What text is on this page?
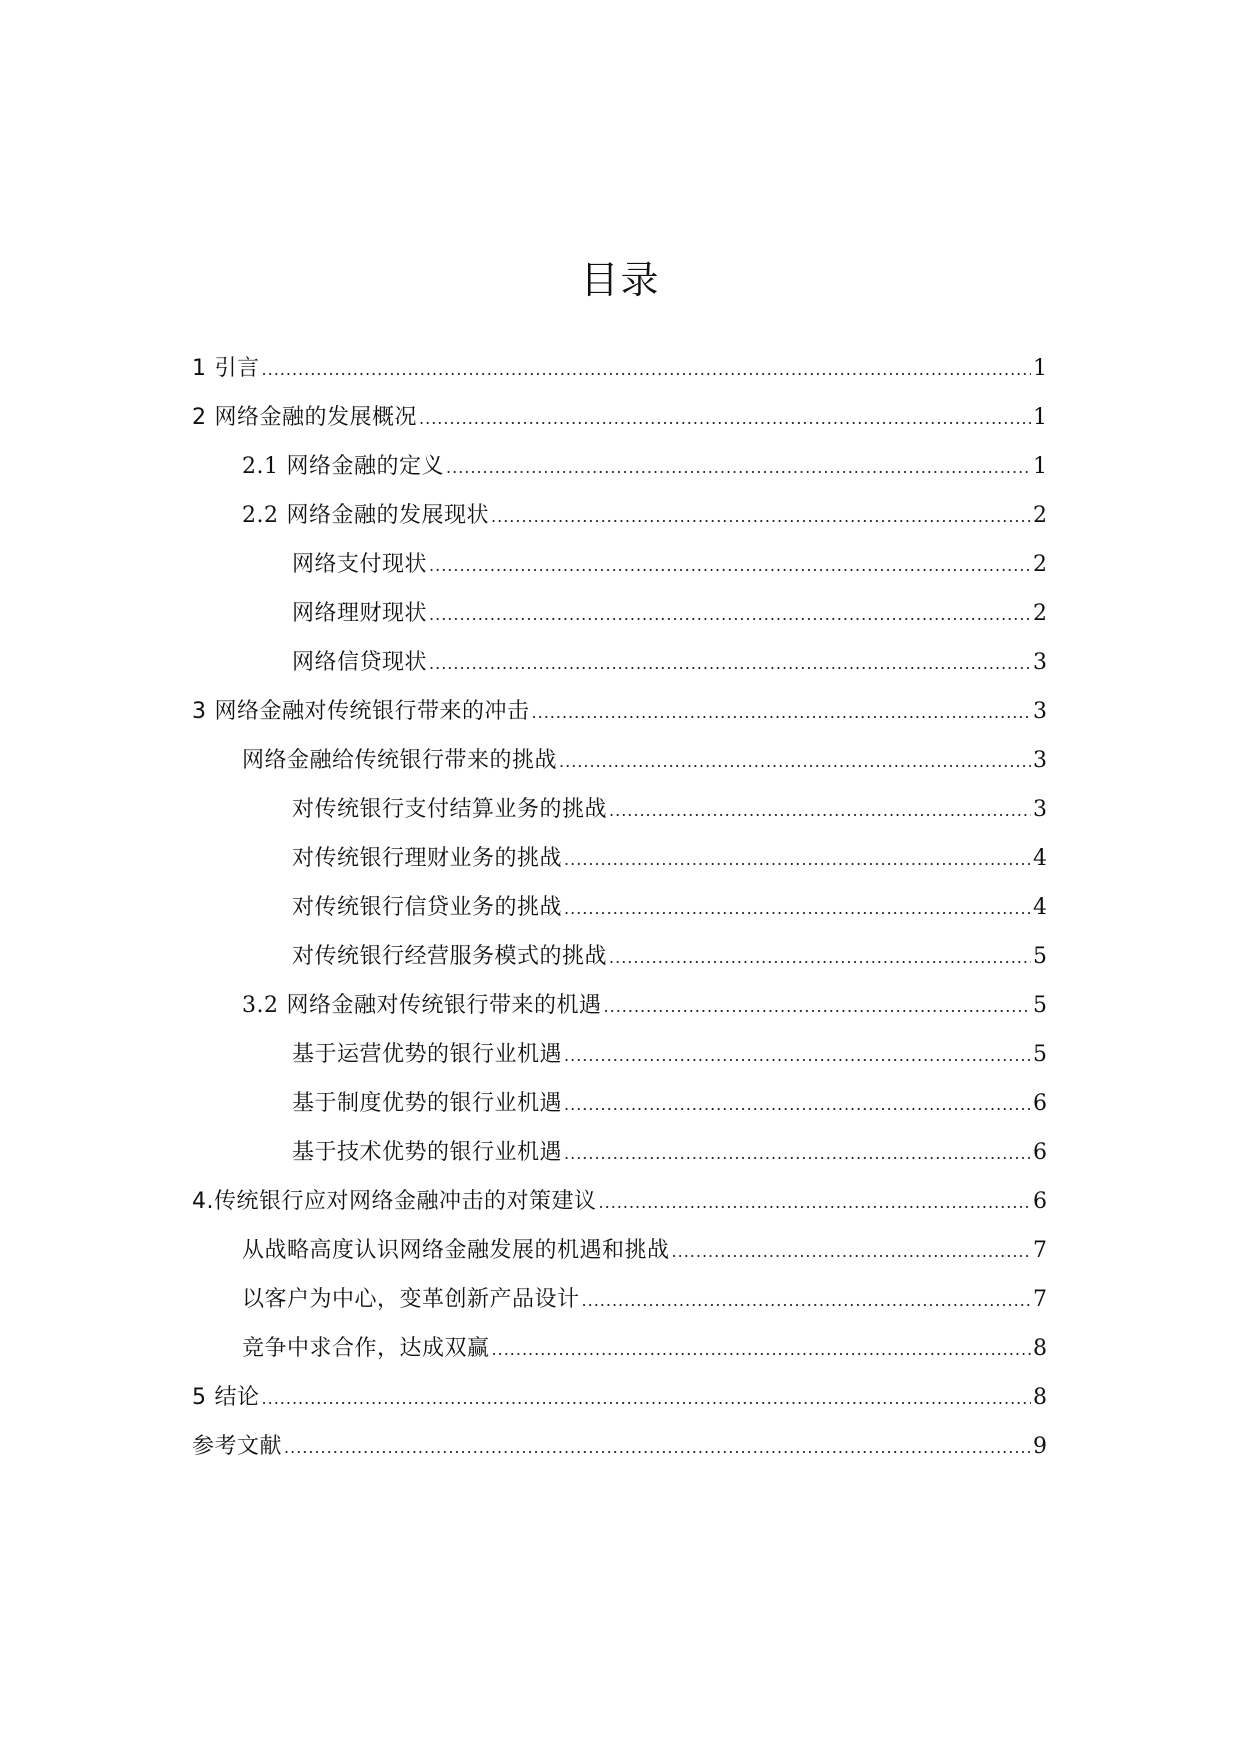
目录
1 引言 .....	1
2 网络金融的发展概况 .....	1
2.1 网络金融的定义 .....	1
2.2 网络金融的发展现状 .....	2
网络支付现状 .....	2
网络理财现状 .....	2
网络信贷现状 .....	3
3 网络金融对传统银行带来的冲击 .....	3
网络金融给传统银行带来的挑战 .....	3
对传统银行支付结算业务的挑战 .....	3
对传统银行理财业务的挑战 .....	4
对传统银行信贷业务的挑战 .....	4
对传统银行经营服务模式的挑战 .....	5
3.2 网络金融对传统银行带来的机遇 .....	5
基于运营优势的银行业机遇 .....	5
基于制度优势的银行业机遇 .....	6
基于技术优势的银行业机遇 .....	6
4.传统银行应对网络金融冲击的对策建议 .....	6
从战略高度认识网络金融发展的机遇和挑战 .....	7
以客户为中心，变革创新产品设计 .....	7
竞争中求合作，达成双赢 .....	8
5 结论 .....	8
参考文献 .....	9
